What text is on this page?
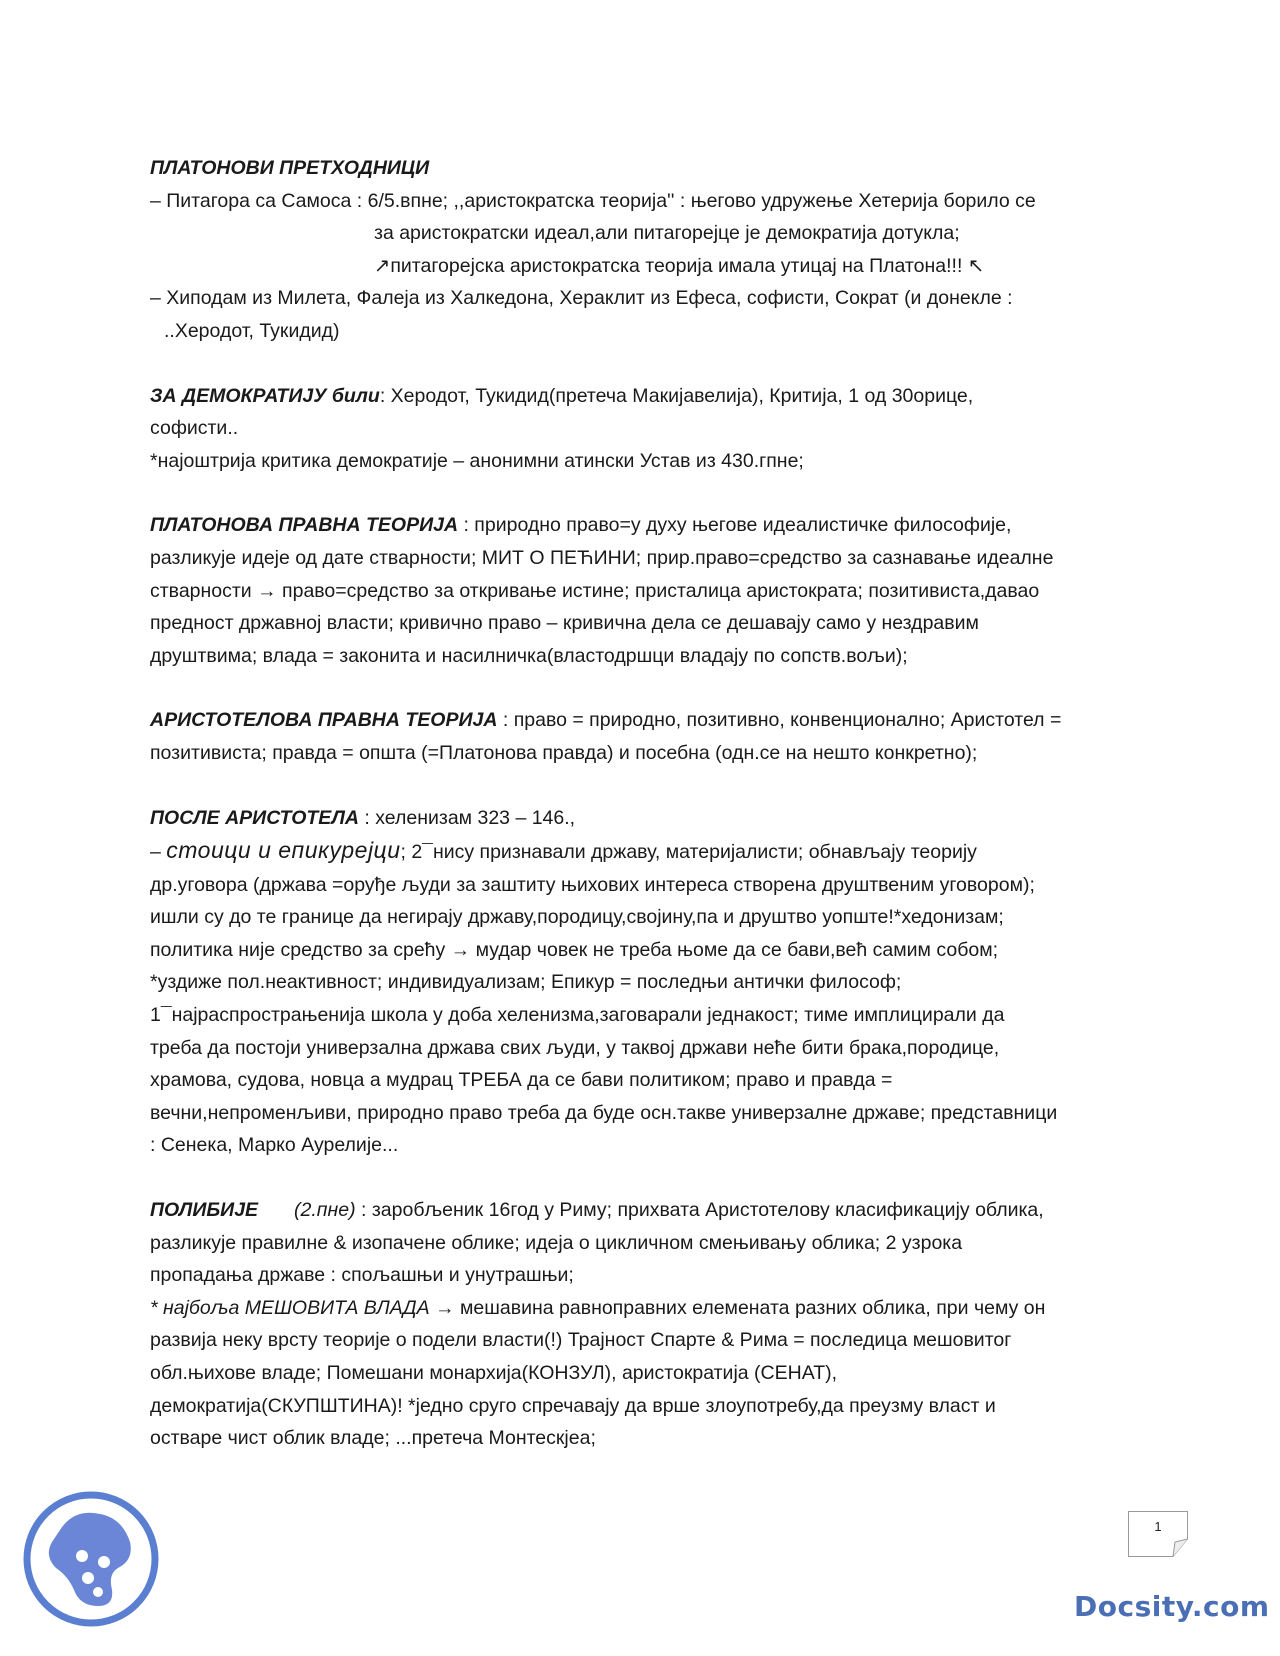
ПЛАТОНОВИ ПРЕТХОДНИЦИ

– Питагора са Самоса : 6/5.впне; ,,аристократска теорија'' : његово удружење Хетерија борило се

за аристократски идеал,али питагорејце је демократија дотукла;

↗питагорејска аристократска теорија имала утицај на Платона!!! ↖

– Хиподам из Милета, Фалеја из Халкедона, Хераклит из Ефеса, софисти, Сократ (и донекле :

..Херодот, Тукидид)

ЗА ДЕМОКРАТИЈУ били: Херодот, Тукидид(претеча Макијавелија), Критија, 1 од 30орице,

софисти..

*најоштрија критика демократије – анонимни атински Устав из 430.гпне;

ПЛАТОНОВА ПРАВНА ТЕОРИЈА : природно право=у духу његове идеалистичке философије,

разликује идеје од дате стварности; МИТ О ПЕЋИНИ; прир.право=средство за сазнавање идеалне

стварности → право=средство за откривање истине; присталица аристократа; позитивиста,давао

предност државној власти; кривично право – кривична дела се дешавају само у нездравим

друштвима; влада = законита и насилничка(властодршци владају по сопств.вољи);

АРИСТОТЕЛОВА ПРАВНА ТЕОРИЈА : право = природно, позитивно, конвенционално; Аристотел =

позитивиста; правда = општа (=Платонова правда) и посебна (одн.се на нешто конкретно);

ПОСЛЕ АРИСТОТЕЛА : хеленизам 323 – 146.,

– стоици и епикурејци; 2¯нису признавали државу, материјалисти; обнављају теорију

др.уговора (држава =оруђе људи за заштиту њихових интереса створена друштвеним уговором);

ишли су до те границе да негирају државу,породицу,својину,па и друштво уопште!*хедонизам;

политика није средство за срећу → мудар човек не треба њоме да се бави,већ самим собом;

*уздиже пол.неактивност; индивидуализам; Епикур = последњи антички философ;

1¯најраспрострањенија школа у доба хеленизма,заговарали једнакост; тиме имплицирали да

треба да постоји универзална држава свих људи, у таквој држави неће бити брака,породице,

храмова, судова, новца а мудрац ТРЕБА да се бави политиком; право и правда =

вечни,непроменљиви, природно право треба да буде осн.такве универзалне државе; представници

: Сенека, Марко Аурелије...

ПОЛИБИЈЕ (2.пне) : заробљеник 16год у Риму; прихвата Аристотелову класификацију облика,

разликује правилне & изопачене облике; идеја о цикличном смењивању облика; 2 узрока

пропадања државе : спољашњи и унутрашњи;

* најбоља МЕШОВИТА ВЛАДА → мешавина равноправних елемената разних облика, при чему он

развија неку врсту теорије о подели власти(!) Трајност Спарте & Рима = последица мешовитог

обл.њихове владе; Помешани монархија(КОНЗУЛ), аристократија (СЕНАТ),

демократија(СКУПШТИНА)! *једно сруго спречавају да врше злоупотребу,да преузму власт и

остваре чист облик владе; ...претеча Монтескјеа;

1
Docsity.com
